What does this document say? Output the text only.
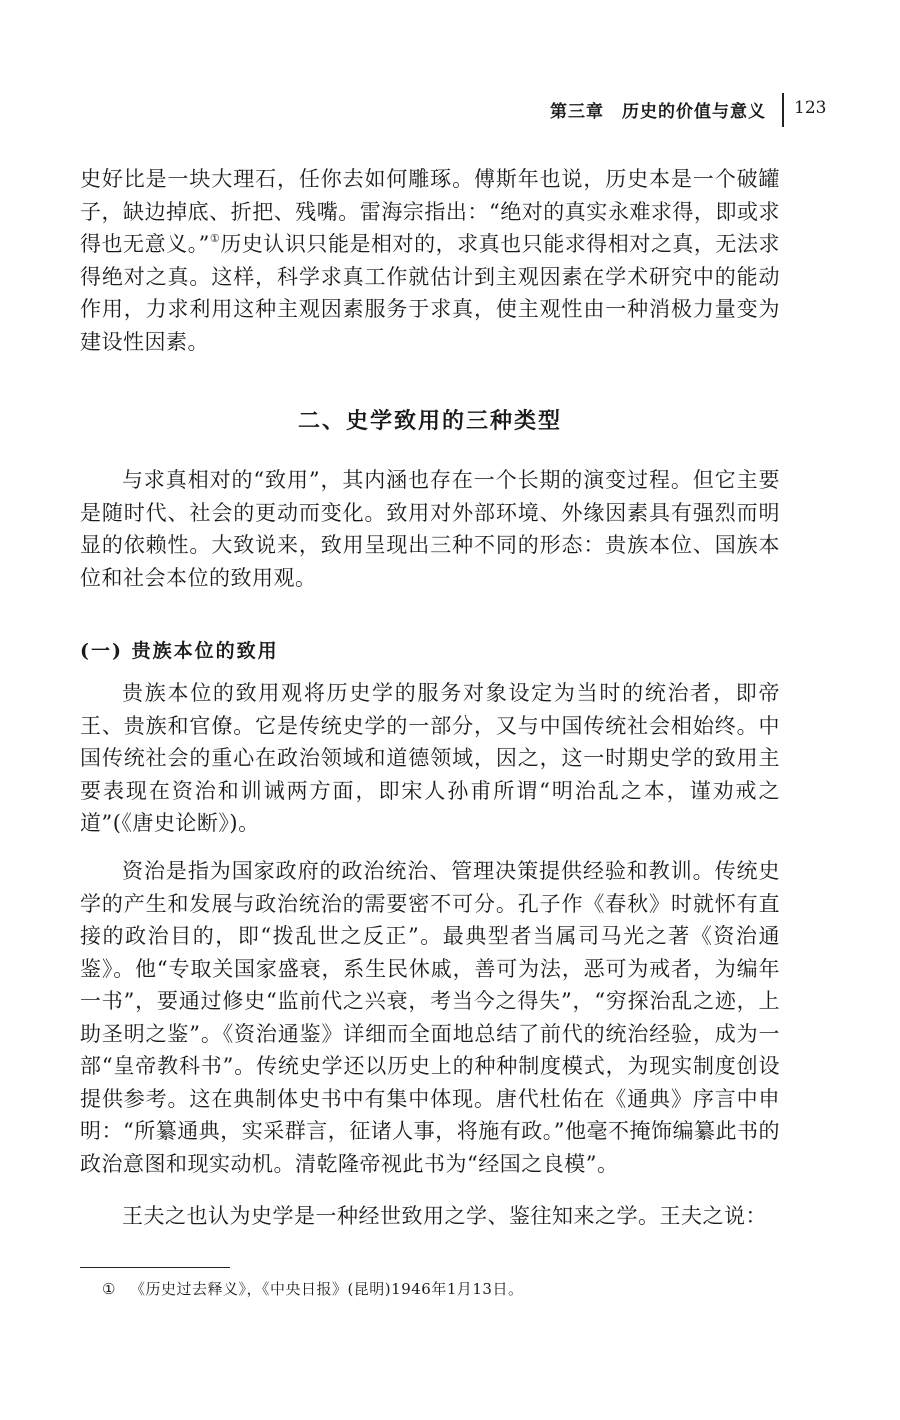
第三章　历史的价值与意义 123

史好比是一块大理石，任你去如何雕琢。傅斯年也说，历史本是一个破罐子，缺边掉底、折把、残嘴。雷海宗指出：“绝对的真实永难求得，即或求得也无意义。”①历史认识只能是相对的，求真也只能求得相对之真，无法求得绝对之真。这样，科学求真工作就估计到主观因素在学术研究中的能动作用，力求利用这种主观因素服务于求真，使主观性由一种消极力量变为建设性因素。

二、史学致用的三种类型

与求真相对的“致用”，其内涵也存在一个长期的演变过程。但它主要是随时代、社会的更动而变化。致用对外部环境、外缘因素具有强烈而明显的依赖性。大致说来，致用呈现出三种不同的形态：贵族本位、国族本位和社会本位的致用观。

(一) 贵族本位的致用

贵族本位的致用观将历史学的服务对象设定为当时的统治者，即帝王、贵族和官僚。它是传统史学的一部分，又与中国传统社会相始终。中国传统社会的重心在政治领域和道德领域，因之，这一时期史学的致用主要表现在资治和训诫两方面，即宋人孙甫所谓“明治乱之本，谨劝戒之道”(《唐史论断》)。

资治是指为国家政府的政治统治、管理决策提供经验和教训。传统史学的产生和发展与政治统治的需要密不可分。孔子作《春秋》时就怀有直接的政治目的，即“拨乱世之反正”。最典型者当属司马光之著《资治通鉴》。他“专取关国家盛衰，系生民休戚，善可为法，恶可为戒者，为编年一书”，要通过修史“监前代之兴衰，考当今之得失”，“穷探治乱之迹，上助圣明之鉴”。《资治通鉴》详细而全面地总结了前代的统治经验，成为一部“皇帝教科书”。传统史学还以历史上的种种制度模式，为现实制度创设提供参考。这在典制体史书中有集中体现。唐代杜佑在《通典》序言中申明：“所纂通典，实采群言，征诸人事，将施有政。”他毫不掩饰编纂此书的政治意图和现实动机。清乾隆帝视此书为“经国之良模”。

王夫之也认为史学是一种经世致用之学、鉴往知来之学。王夫之说：

① 《历史过去释义》，《中央日报》(昆明)1946年1月13日。
